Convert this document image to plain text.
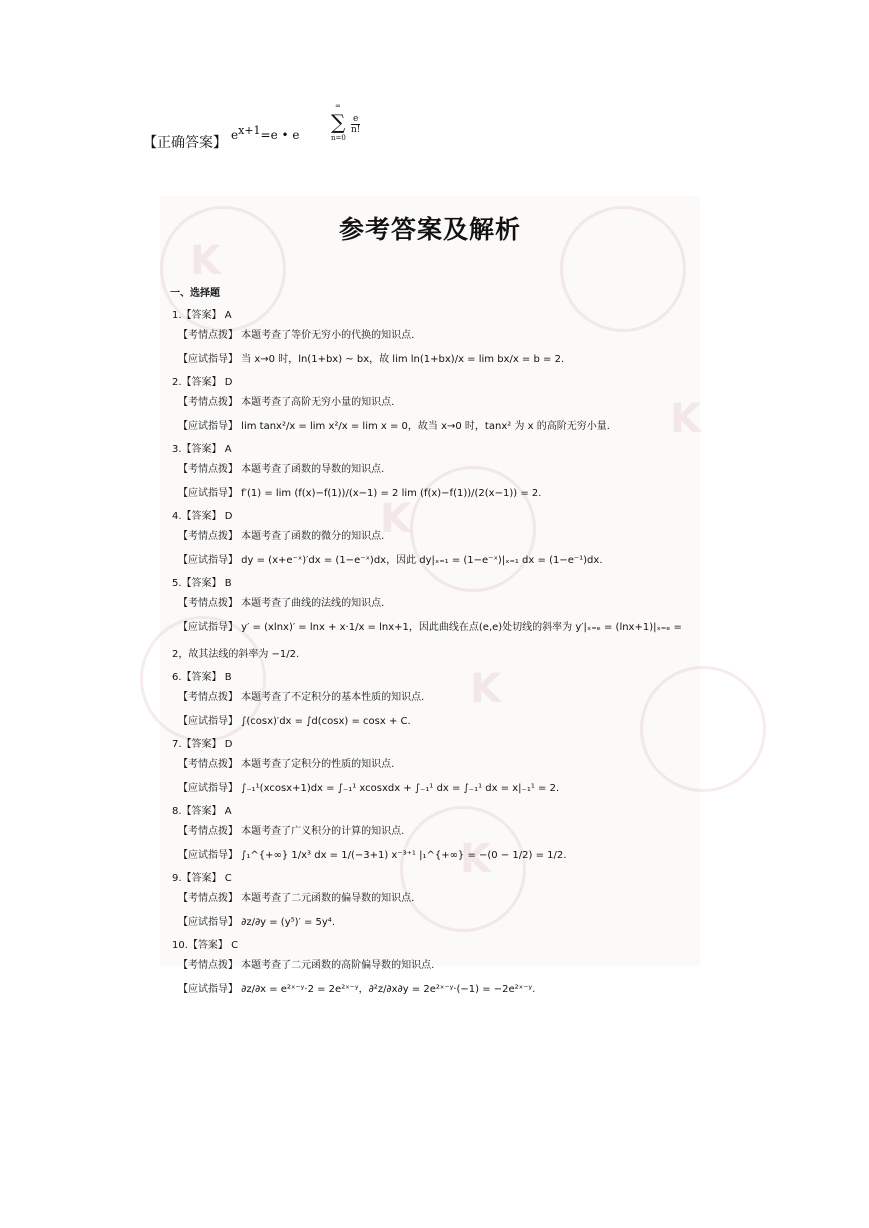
【正确答案】 $e^{x+1}=e$ • e
∞
∑
n=0
$\frac{e}{n!}$
K
K
K
K
K
参考答案及解析
一、选择题
1.【答案】 A
【考情点拨】 本题考查了等价无穷小的代换的知识点.
【应试指导】 当 x→0 时，ln(1+bx) ~ bx，故 lim ln(1+bx)/x = lim bx/x = b = 2.
2.【答案】 D
【考情点拨】 本题考查了高阶无穷小量的知识点.
【应试指导】 lim tanx²/x = lim x²/x = lim x = 0，故当 x→0 时，tanx² 为 x 的高阶无穷小量.
3.【答案】 A
【考情点拨】 本题考查了函数的导数的知识点.
【应试指导】 f′(1) = lim (f(x)−f(1))/(x−1) = 2 lim (f(x)−f(1))/(2(x−1)) = 2.
4.【答案】 D
【考情点拨】 本题考查了函数的微分的知识点.
【应试指导】 dy = (x+e⁻ˣ)′dx = (1−e⁻ˣ)dx，因此 dy|ₓ₌₁ = (1−e⁻ˣ)|ₓ₌₁ dx = (1−e⁻¹)dx.
5.【答案】 B
【考情点拨】 本题考查了曲线的法线的知识点.
【应试指导】 y′ = (xlnx)′ = lnx + x·1/x = lnx+1，因此曲线在点(e,e)处切线的斜率为 y′|ₓ₌ₑ = (lnx+1)|ₓ₌ₑ =
2，故其法线的斜率为 −1/2.
6.【答案】 B
【考情点拨】 本题考查了不定积分的基本性质的知识点.
【应试指导】 ∫(cosx)′dx = ∫d(cosx) = cosx + C.
7.【答案】 D
【考情点拨】 本题考查了定积分的性质的知识点.
【应试指导】 ∫₋₁¹(xcosx+1)dx = ∫₋₁¹ xcosxdx + ∫₋₁¹ dx = ∫₋₁¹ dx = x|₋₁¹ = 2.
8.【答案】 A
【考情点拨】 本题考查了广义积分的计算的知识点.
【应试指导】 ∫₁^{+∞} 1/x³ dx = 1/(−3+1) x⁻³⁺¹ |₁^{+∞} = −(0 − 1/2) = 1/2.
9.【答案】 C
【考情点拨】 本题考查了二元函数的偏导数的知识点.
【应试指导】 ∂z/∂y = (y⁵)′ = 5y⁴.
10.【答案】 C
【考情点拨】 本题考查了二元函数的高阶偏导数的知识点.
【应试指导】 ∂z/∂x = e²ˣ⁻ʸ·2 = 2e²ˣ⁻ʸ，∂²z/∂x∂y = 2e²ˣ⁻ʸ·(−1) = −2e²ˣ⁻ʸ.
